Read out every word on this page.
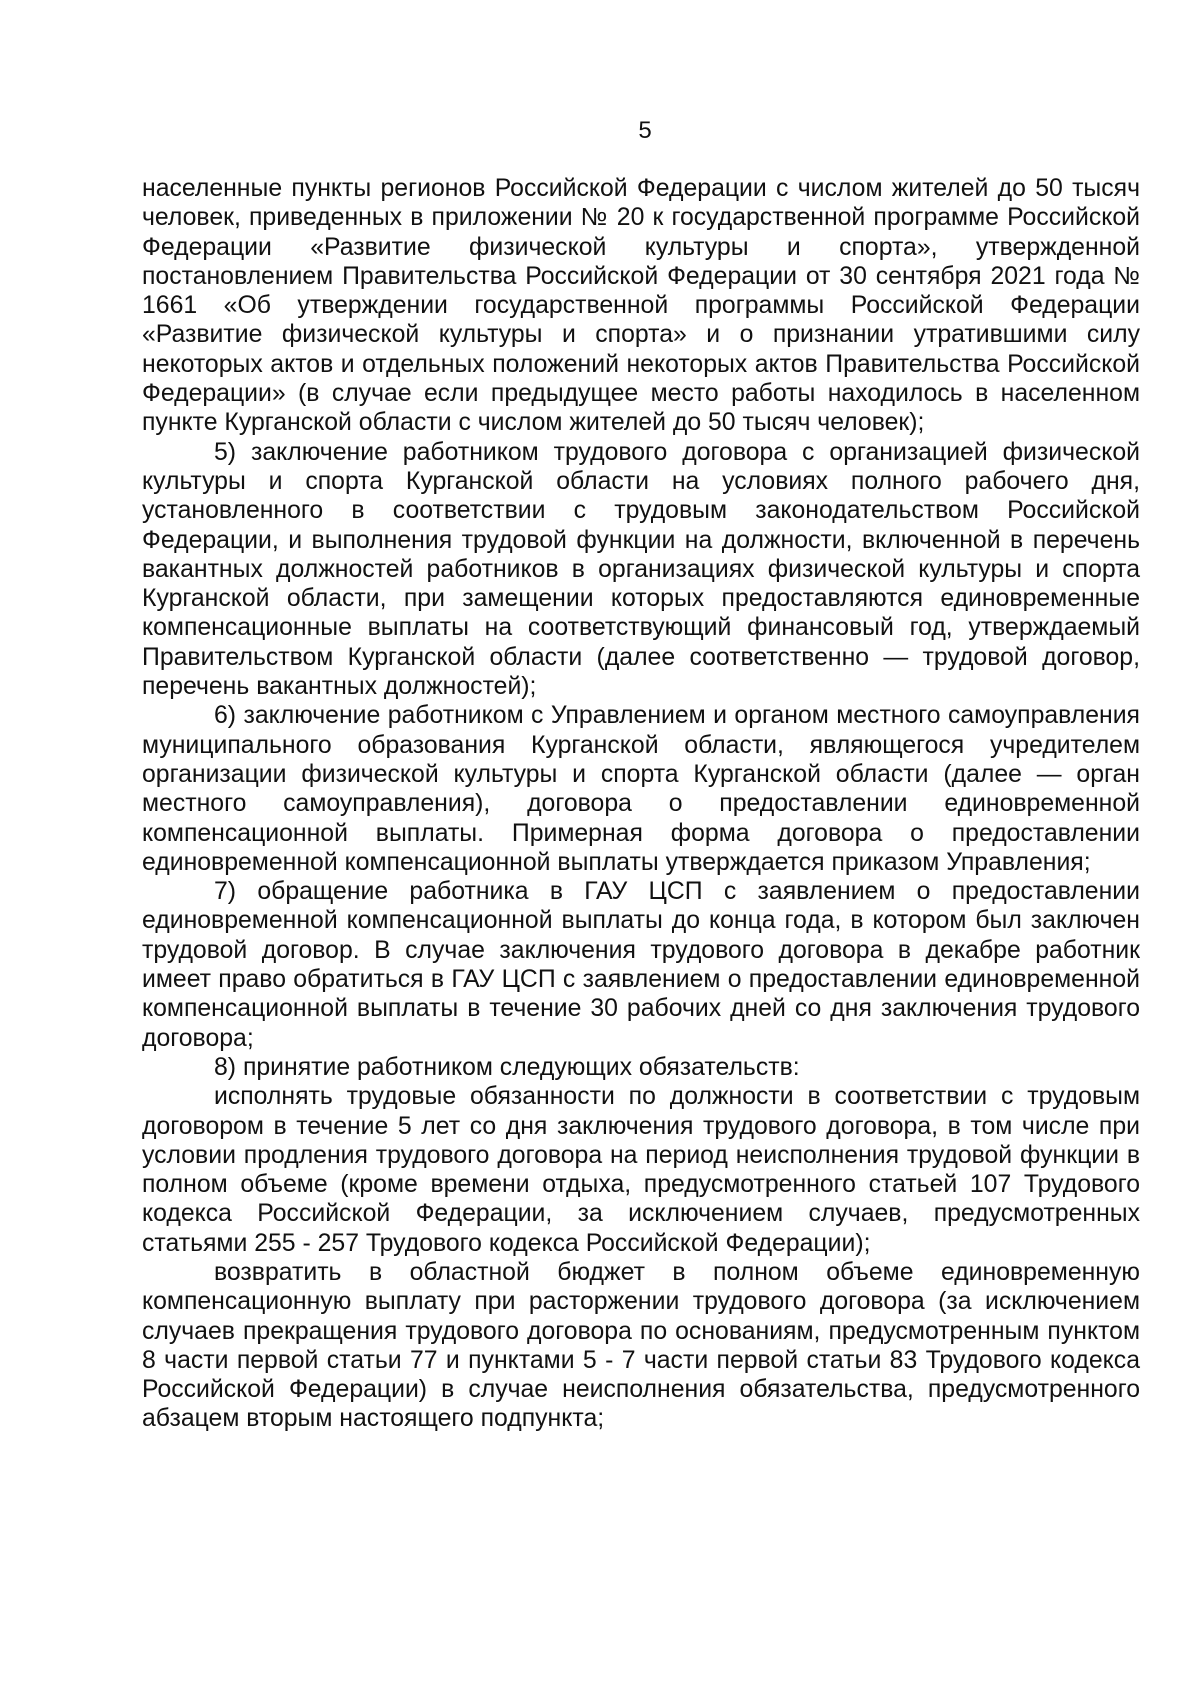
5

населенные пункты регионов Российской Федерации с числом жителей до 50 тысяч человек, приведенных в приложении № 20 к государственной программе Российской Федерации «Развитие физической культуры и спорта», утвержденной постановлением Правительства Российской Федерации от 30 сентября 2021 года № 1661 «Об утверждении государственной программы Российской Федерации «Развитие физической культуры и спорта» и о признании утратившими силу некоторых актов и отдельных положений некоторых актов Правительства Российской Федерации» (в случае если предыдущее место работы находилось в населенном пункте Курганской области с числом жителей до 50 тысяч человек);

5) заключение работником трудового договора с организацией физической культуры и спорта Курганской области на условиях полного рабочего дня, установленного в соответствии с трудовым законодательством Российской Федерации, и выполнения трудовой функции на должности, включенной в перечень вакантных должностей работников в организациях физической культуры и спорта Курганской области, при замещении которых предоставляются единовременные компенсационные выплаты на соответствующий финансовый год, утверждаемый Правительством Курганской области (далее соответственно — трудовой договор, перечень вакантных должностей);

6) заключение работником с Управлением и органом местного самоуправления муниципального образования Курганской области, являющегося учредителем организации физической культуры и спорта Курганской области (далее — орган местного самоуправления), договора о предоставлении единовременной компенсационной выплаты. Примерная форма договора о предоставлении единовременной компенсационной выплаты утверждается приказом Управления;

7) обращение работника в ГАУ ЦСП с заявлением о предоставлении единовременной компенсационной выплаты до конца года, в котором был заключен трудовой договор. В случае заключения трудового договора в декабре работник имеет право обратиться в ГАУ ЦСП с заявлением о предоставлении единовременной компенсационной выплаты в течение 30 рабочих дней со дня заключения трудового договора;

8) принятие работником следующих обязательств:

исполнять трудовые обязанности по должности в соответствии с трудовым договором в течение 5 лет со дня заключения трудового договора, в том числе при условии продления трудового договора на период неисполнения трудовой функции в полном объеме (кроме времени отдыха, предусмотренного статьей 107 Трудового кодекса Российской Федерации, за исключением случаев, предусмотренных статьями 255 - 257 Трудового кодекса Российской Федерации);

возвратить в областной бюджет в полном объеме единовременную компенсационную выплату при расторжении трудового договора (за исключением случаев прекращения трудового договора по основаниям, предусмотренным пунктом 8 части первой статьи 77 и пунктами 5 - 7 части первой статьи 83 Трудового кодекса Российской Федерации) в случае неисполнения обязательства, предусмотренного абзацем вторым настоящего подпункта;
